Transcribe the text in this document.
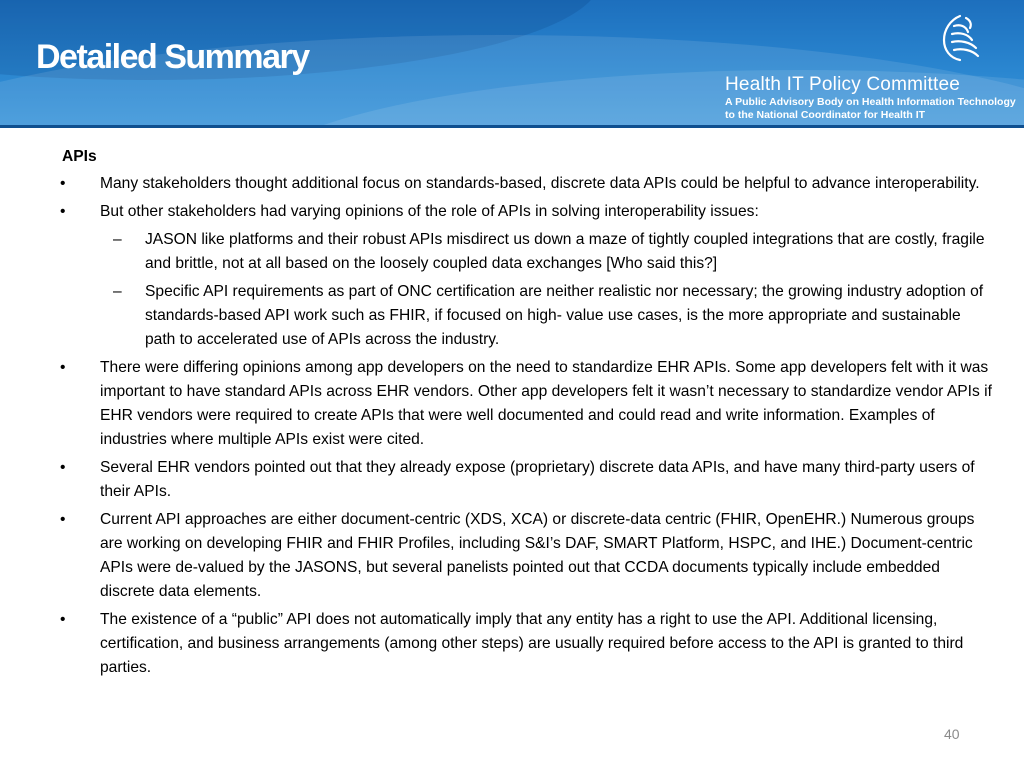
Detailed Summary
Health IT Policy Committee
A Public Advisory Body on Health Information Technology
to the National Coordinator for Health IT
APIs
• Many stakeholders thought additional focus on standards-based, discrete data APIs could be helpful to advance interoperability.
• But other stakeholders had varying opinions of the role of APIs in solving interoperability issues:
– JASON like platforms and their robust APIs misdirect us down a maze of tightly coupled integrations that are costly, fragile and brittle, not at all based on the loosely coupled data exchanges [Who said this?]
– Specific API requirements as part of ONC certification are neither realistic nor necessary; the growing industry adoption of standards-based API work such as FHIR, if focused on high- value use cases, is the more appropriate and sustainable path to accelerated use of APIs across the industry.
• There were differing opinions among app developers on the need to standardize EHR APIs. Some app developers felt with it was important to have standard APIs across EHR vendors. Other app developers felt it wasn’t necessary to standardize vendor APIs if EHR vendors were required to create APIs that were well documented and could read and write information. Examples of industries where multiple APIs exist were cited.
• Several EHR vendors pointed out that they already expose (proprietary) discrete data APIs, and have many third-party users of their APIs.
• Current API approaches are either document-centric (XDS, XCA) or discrete-data centric (FHIR, OpenEHR.) Numerous groups are working on developing FHIR and FHIR Profiles, including S&I’s DAF, SMART Platform, HSPC, and IHE.) Document-centric APIs were de-valued by the JASONS, but several panelists pointed out that CCDA documents typically include embedded discrete data elements.
• The existence of a “public” API does not automatically imply that any entity has a right to use the API. Additional licensing, certification, and business arrangements (among other steps) are usually required before access to the API is granted to third parties.
40
